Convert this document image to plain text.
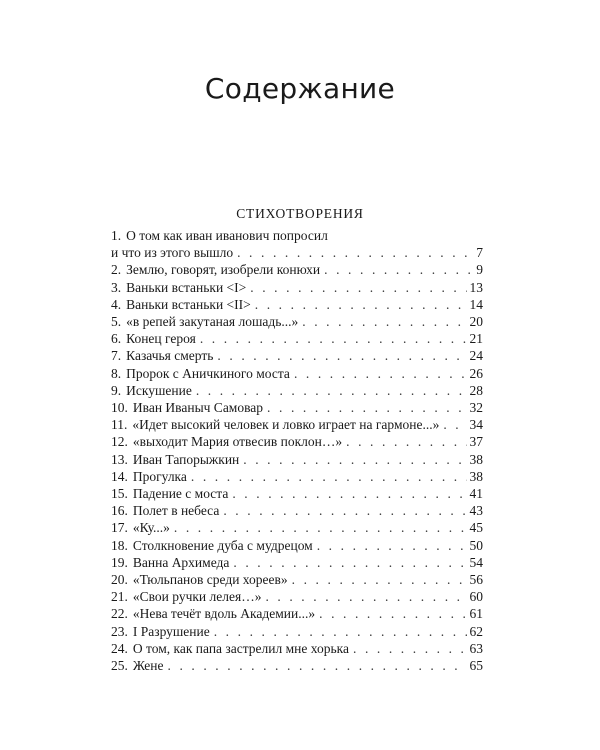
Содержание
СТИХОТВОРЕНИЯ
1. О том как иван иванович попросил
и что из этого вышло . . .	7
2. Землю, говорят, изобрели конюхи . . .	9
3. Ваньки встаньки <I> . . .	13
4. Ваньки встаньки <II> . . .	14
5. «в репей закутаная лошадь...» . . .	20
6. Конец героя . . .	21
7. Казачья смерть . . .	24
8. Пророк с Аничкиного моста . . .	26
9. Искушение . . .	28
10. Иван Иваныч Самовар . . .	32
11. «Идет высокий человек и ловко играет на гармоне...» . . . 34
12. «выходит Мария отвесив поклон…» . . .	37
13. Иван Тапорыжкин . . .	38
14. Прогулка . . .	38
15. Падение с моста . . .	41
16. Полет в небеса . . .	43
17. «Ку...» . . .	45
18. Столкновение дуба с мудрецом . . .	50
19. Ванна Архимеда . . .	54
20. «Тюльпанов среди хореев» . . .	56
21. «Свои ручки лелея…» . . .	60
22. «Нева течёт вдоль Академии...» . . .	61
23. I Разрушение . . .	62
24. О том, как папа застрелил мне хорька . . .	63
25. Жене . . .	65
